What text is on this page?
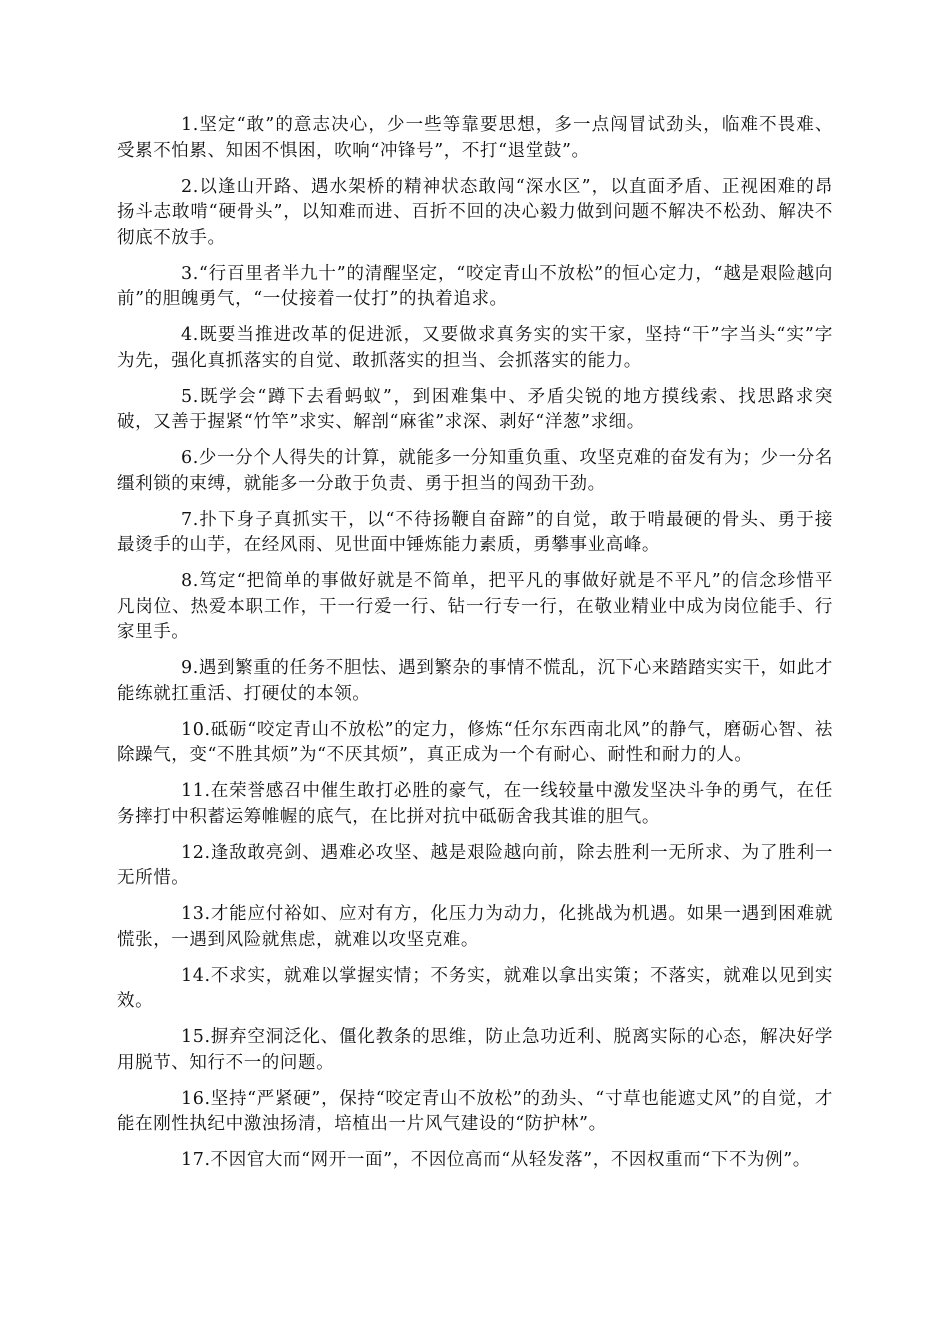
1.坚定“敢”的意志决心，少一些等靠要思想，多一点闯冒试劲头，临难不畏难、受累不怕累、知困不惧困，吹响“冲锋号”，不打“退堂鼓”。

2.以逢山开路、遇水架桥的精神状态敢闯“深水区”，以直面矛盾、正视困难的昂扬斗志敢啃“硬骨头”，以知难而进、百折不回的决心毅力做到问题不解决不松劲、解决不彻底不放手。

3.“行百里者半九十”的清醒坚定，“咬定青山不放松”的恒心定力，“越是艰险越向前”的胆魄勇气，“一仗接着一仗打”的执着追求。

4.既要当推进改革的促进派，又要做求真务实的实干家，坚持“干”字当头“实”字为先，强化真抓落实的自觉、敢抓落实的担当、会抓落实的能力。

5.既学会“蹲下去看蚂蚁”，到困难集中、矛盾尖锐的地方摸线索、找思路求突破，又善于握紧“竹竿”求实、解剖“麻雀”求深、剥好“洋葱”求细。

6.少一分个人得失的计算，就能多一分知重负重、攻坚克难的奋发有为；少一分名缰利锁的束缚，就能多一分敢于负责、勇于担当的闯劲干劲。

7.扑下身子真抓实干，以“不待扬鞭自奋蹄”的自觉，敢于啃最硬的骨头、勇于接最烫手的山芋，在经风雨、见世面中锤炼能力素质，勇攀事业高峰。

8.笃定“把简单的事做好就是不简单，把平凡的事做好就是不平凡”的信念珍惜平凡岗位、热爱本职工作，干一行爱一行、钻一行专一行，在敬业精业中成为岗位能手、行家里手。

9.遇到繁重的任务不胆怯、遇到繁杂的事情不慌乱，沉下心来踏踏实实干，如此才能练就扛重活、打硬仗的本领。

10.砥砺“咬定青山不放松”的定力，修炼“任尔东西南北风”的静气，磨砺心智、祛除躁气，变“不胜其烦”为“不厌其烦”，真正成为一个有耐心、耐性和耐力的人。

11.在荣誉感召中催生敢打必胜的豪气，在一线较量中激发坚决斗争的勇气，在任务摔打中积蓄运筹帷幄的底气，在比拼对抗中砥砺舍我其谁的胆气。

12.逢敌敢亮剑、遇难必攻坚、越是艰险越向前，除去胜利一无所求、为了胜利一无所惜。

13.才能应付裕如、应对有方，化压力为动力，化挑战为机遇。如果一遇到困难就慌张，一遇到风险就焦虑，就难以攻坚克难。

14.不求实，就难以掌握实情；不务实，就难以拿出实策；不落实，就难以见到实效。

15.摒弃空洞泛化、僵化教条的思维，防止急功近利、脱离实际的心态，解决好学用脱节、知行不一的问题。

16.坚持“严紧硬”，保持“咬定青山不放松”的劲头、“寸草也能遮丈风”的自觉，才能在刚性执纪中激浊扬清，培植出一片风气建设的“防护林”。

17.不因官大而“网开一面”，不因位高而“从轻发落”，不因权重而“下不为例”。
